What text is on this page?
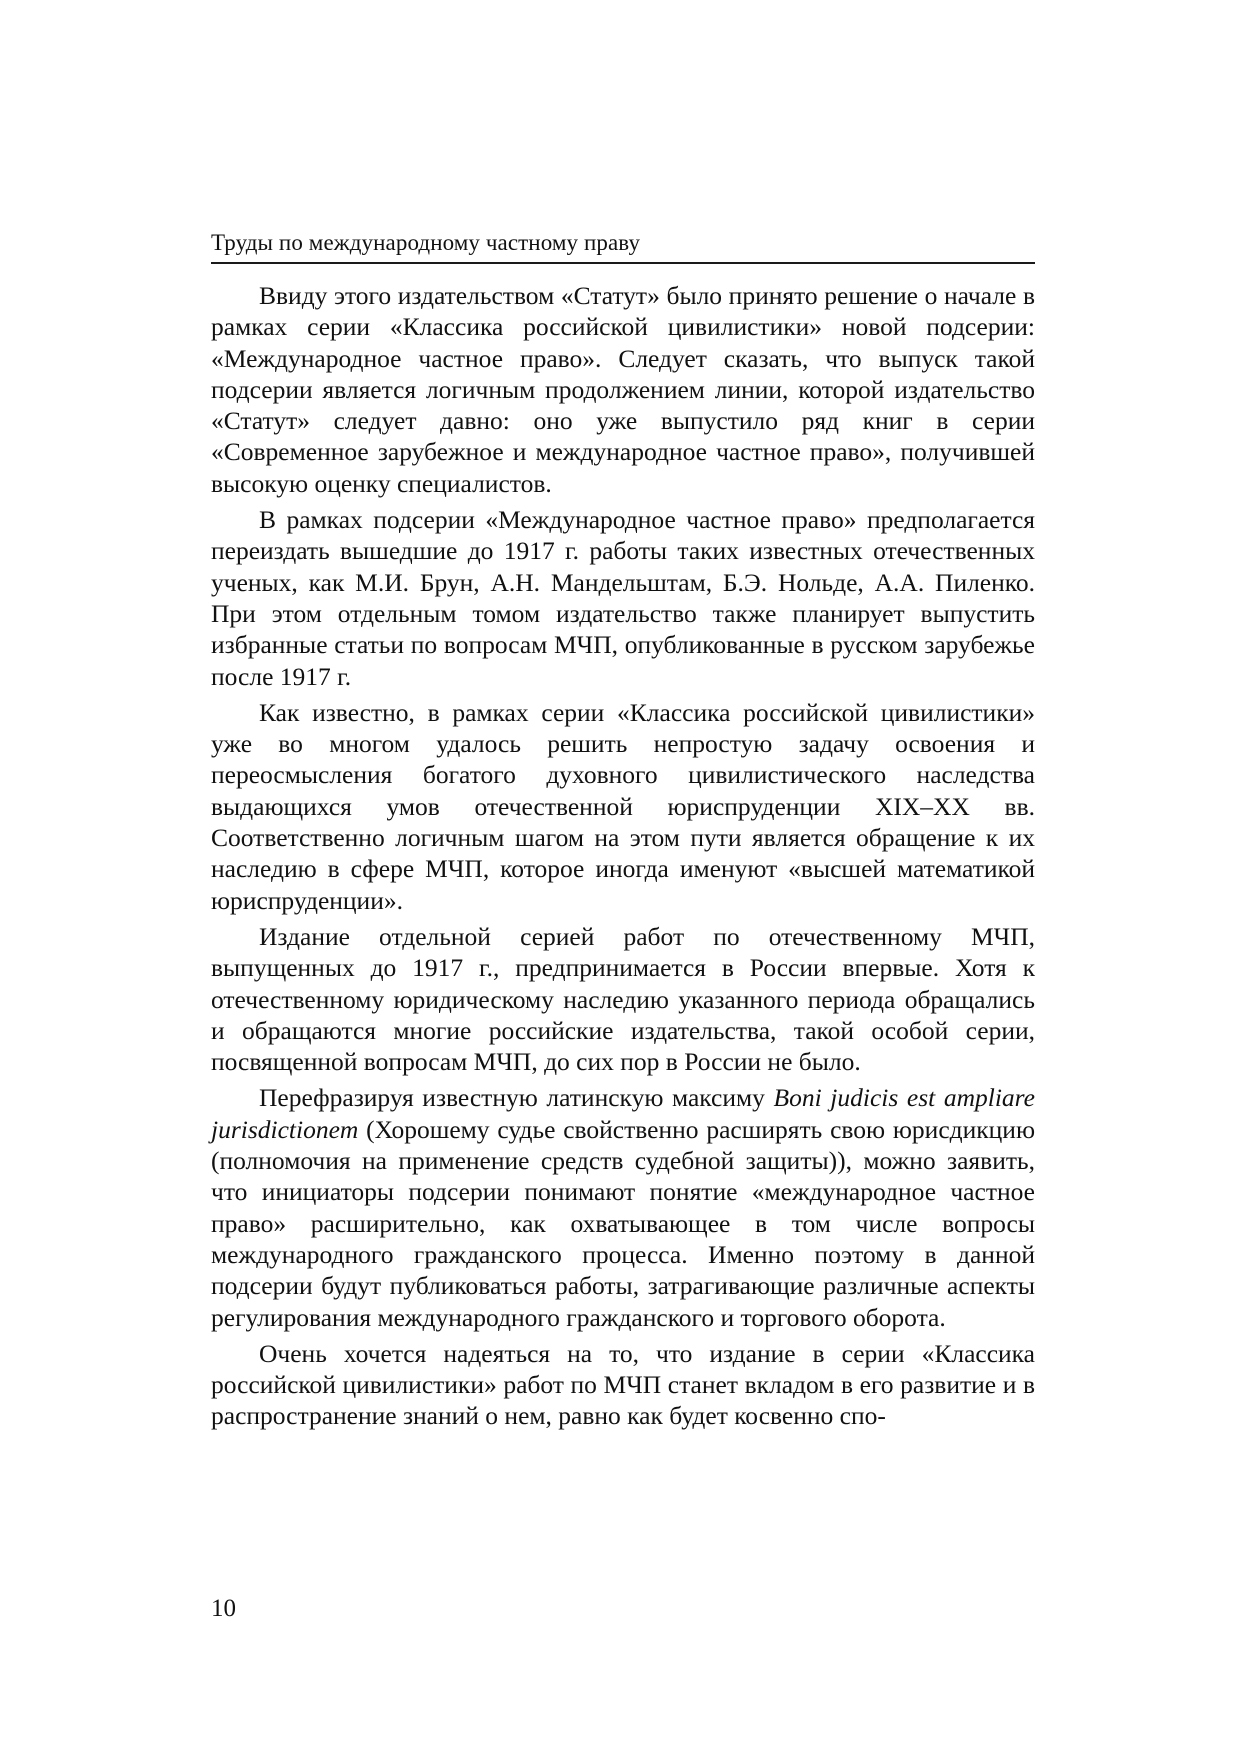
Труды по международному частному праву

Ввиду этого издательством «Статут» было принято решение о начале в рамках серии «Классика российской цивилистики» новой подсерии: «Международное частное право». Следует сказать, что выпуск такой подсерии является логичным продолжением линии, которой издательство «Статут» следует давно: оно уже выпустило ряд книг в серии «Современное зарубежное и международное частное право», получившей высокую оценку специалистов.

В рамках подсерии «Международное частное право» предполагается переиздать вышедшие до 1917 г. работы таких известных отечественных ученых, как М.И. Брун, А.Н. Мандельштам, Б.Э. Нольде, А.А. Пиленко. При этом отдельным томом издательство также планирует выпустить избранные статьи по вопросам МЧП, опубликованные в русском зарубежье после 1917 г.

Как известно, в рамках серии «Классика российской цивилистики» уже во многом удалось решить непростую задачу освоения и переосмысления богатого духовного цивилистического наследства выдающихся умов отечественной юриспруденции XIX–XX вв. Соответственно логичным шагом на этом пути является обращение к их наследию в сфере МЧП, которое иногда именуют «высшей математикой юриспруденции».

Издание отдельной серией работ по отечественному МЧП, выпущенных до 1917 г., предпринимается в России впервые. Хотя к отечественному юридическому наследию указанного периода обращались и обращаются многие российские издательства, такой особой серии, посвященной вопросам МЧП, до сих пор в России не было.

Перефразируя известную латинскую максиму Boni judicis est ampliare jurisdictionem (Хорошему судье свойственно расширять свою юрисдикцию (полномочия на применение средств судебной защиты)), можно заявить, что инициаторы подсерии понимают понятие «международное частное право» расширительно, как охватывающее в том числе вопросы международного гражданского процесса. Именно поэтому в данной подсерии будут публиковаться работы, затрагивающие различные аспекты регулирования международного гражданского и торгового оборота.

Очень хочется надеяться на то, что издание в серии «Классика российской цивилистики» работ по МЧП станет вкладом в его развитие и в распространение знаний о нем, равно как будет косвенно спо-

10
